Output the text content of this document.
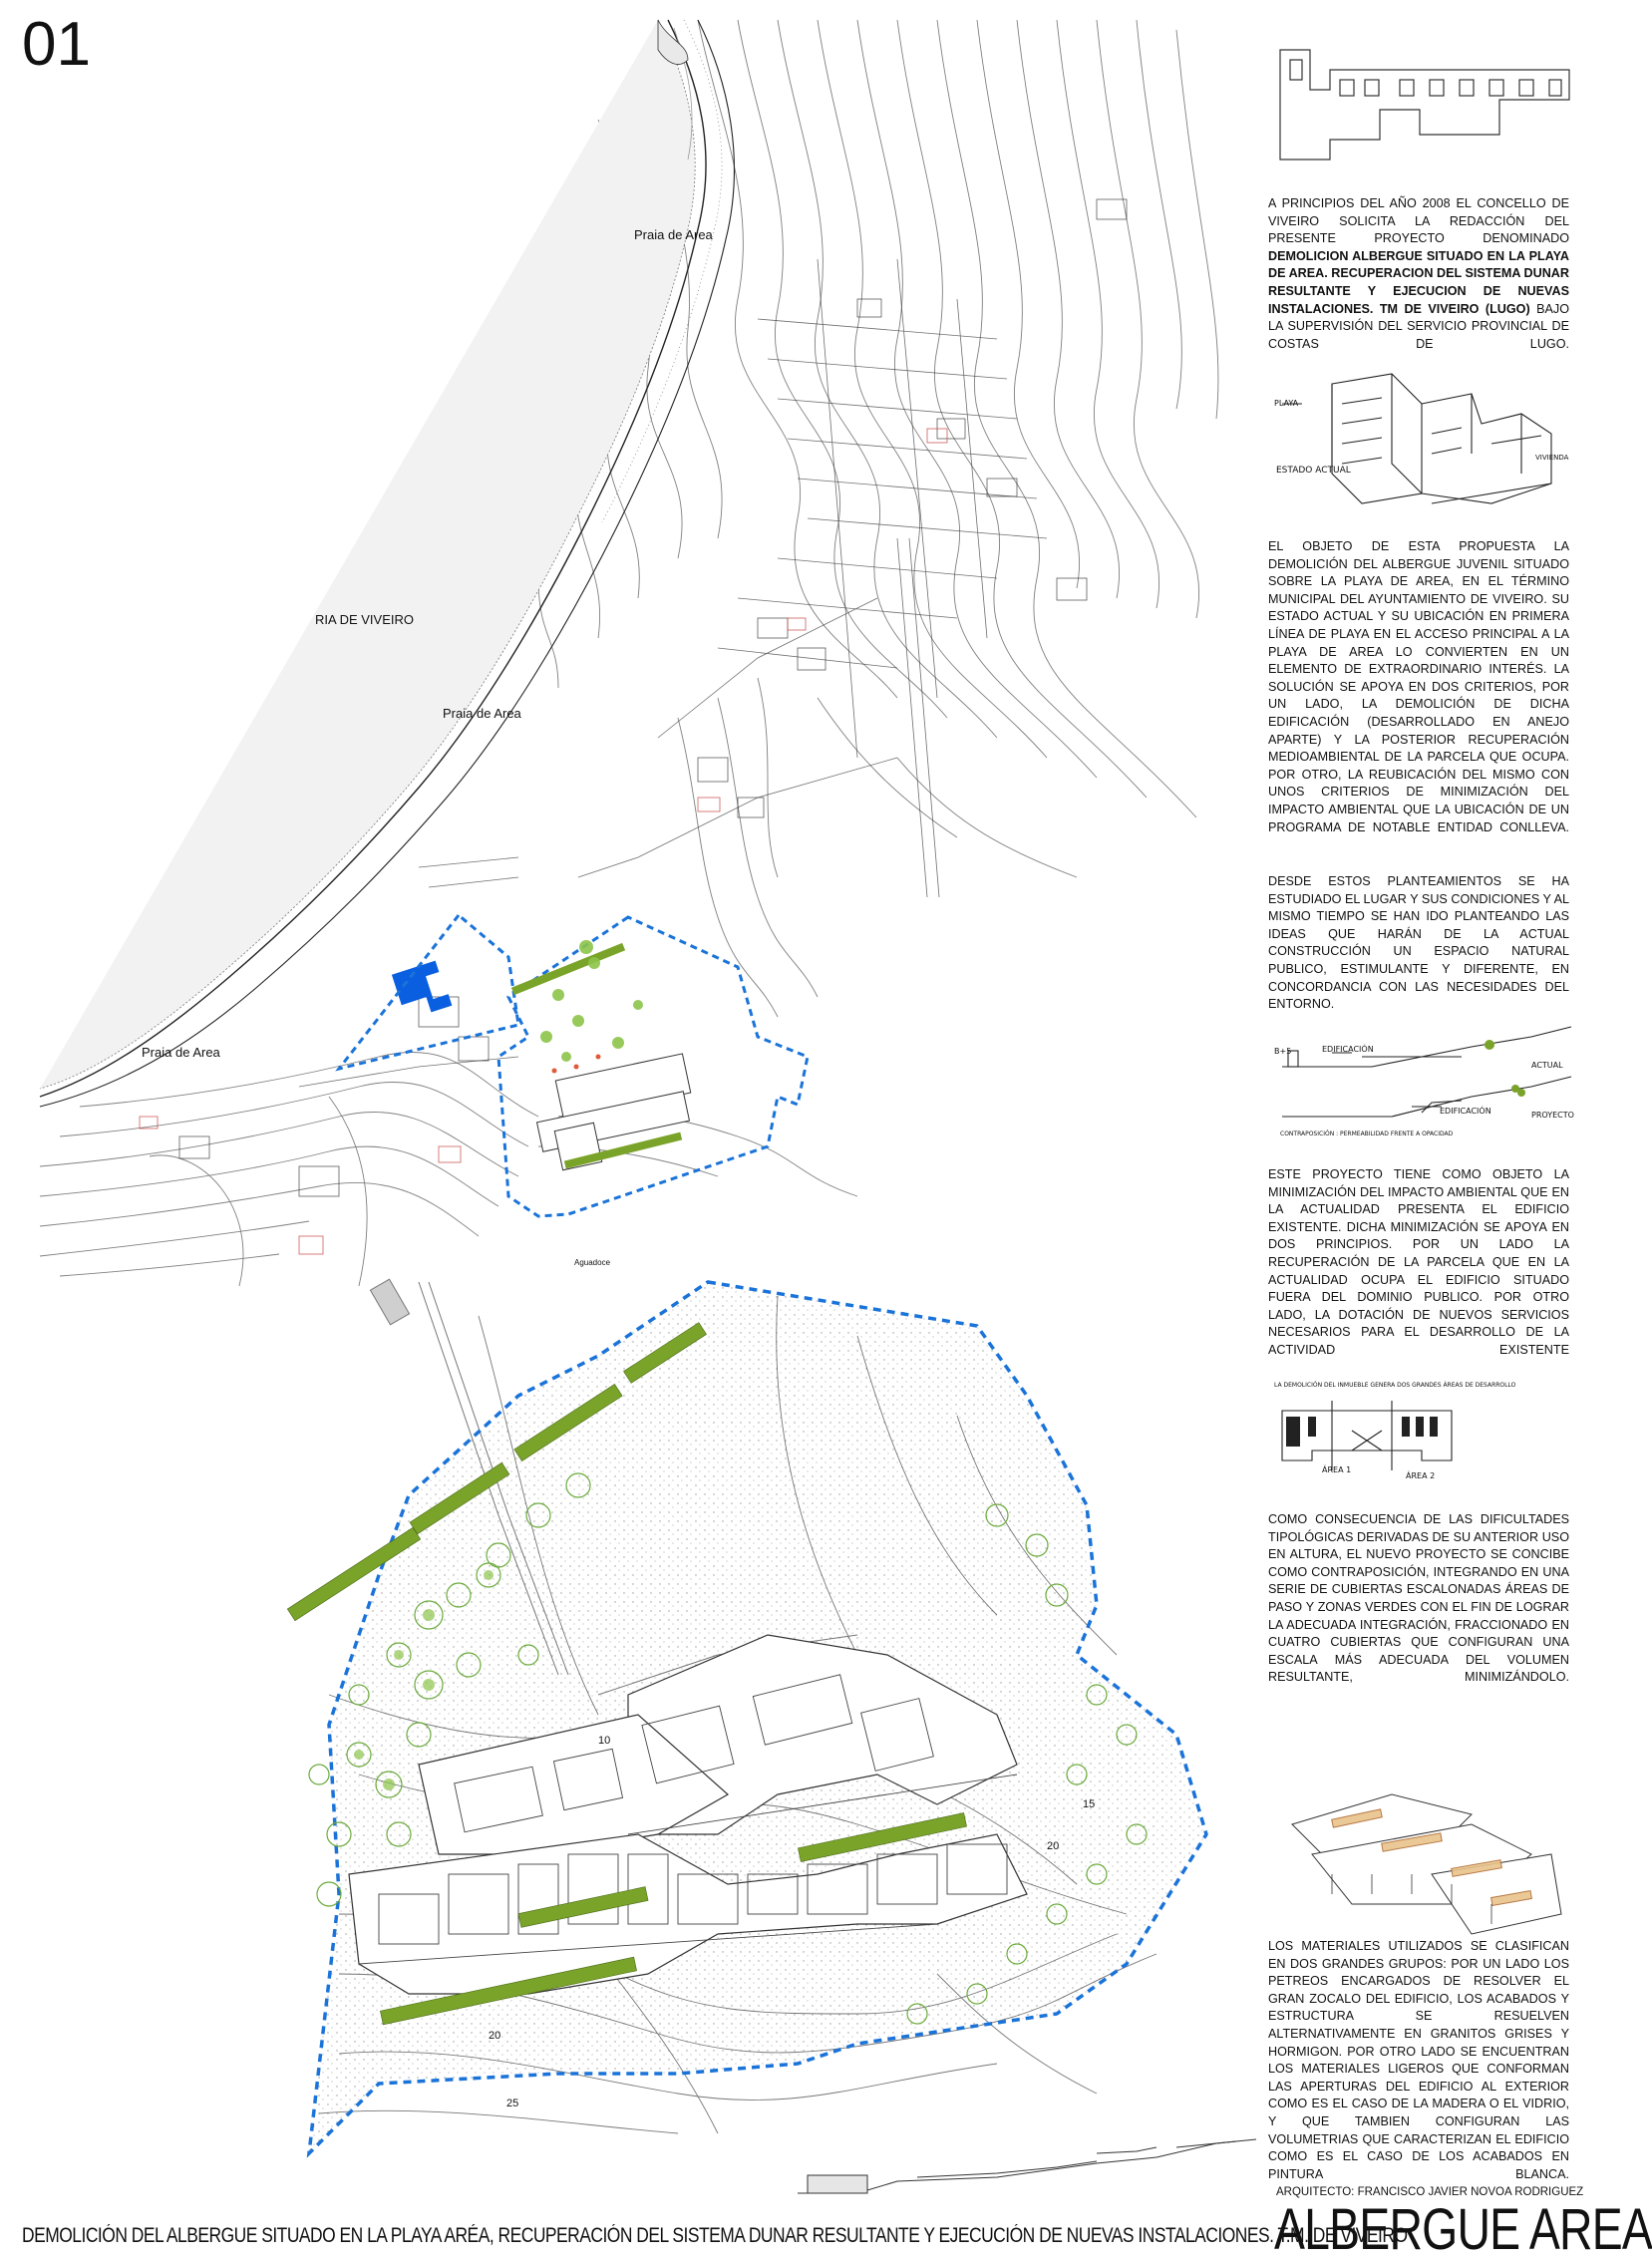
01
Praia de Area
RIA DE VIVEIRO
Praia de Area
Praia de Area
Aguadoce
10
15
20
20
25
ESTADO ACTUAL
PLAYA
VIVIENDA
B+5	EDIFICACIÓN
ACTUAL
EDIFICACIÓN	PROYECTO
CONTRAPOSICIÓN : PERMEABILIDAD FRENTE A OPACIDAD
LA DEMOLICIÓN DEL INMUEBLE GENERA DOS GRANDES ÁREAS DE DESARROLLO
ÁREA 1
ÁREA 2
A PRINCIPIOS DEL AÑO 2008 EL CONCELLO DE VIVEIRO SOLICITA LA REDACCIÓN DEL PRESENTE PROYECTO DENOMINADO DEMOLICION ALBERGUE SITUADO EN LA PLAYA DE AREA. RECUPERACION DEL SISTEMA DUNAR RESULTANTE Y EJECUCION DE NUEVAS INSTALACIONES. TM DE VIVEIRO (LUGO) BAJO LA SUPERVISIÓN DEL SERVICIO PROVINCIAL DE COSTAS DE LUGO.
EL OBJETO DE ESTA PROPUESTA LA DEMOLICIÓN DEL ALBERGUE JUVENIL SITUADO SOBRE LA PLAYA DE AREA, EN EL TÉRMINO MUNICIPAL DEL AYUNTAMIENTO DE VIVEIRO. SU ESTADO ACTUAL Y SU UBICACIÓN EN PRIMERA LÍNEA DE PLAYA EN EL ACCESO PRINCIPAL A LA PLAYA DE AREA LO CONVIERTEN EN UN ELEMENTO DE EXTRAORDINARIO INTERÉS. LA SOLUCIÓN SE APOYA EN DOS CRITERIOS, POR UN LADO, LA DEMOLICIÓN DE DICHA EDIFICACIÓN (DESARROLLADO EN ANEJO APARTE) Y LA POSTERIOR RECUPERACIÓN MEDIOAMBIENTAL DE LA PARCELA QUE OCUPA. POR OTRO, LA REUBICACIÓN DEL MISMO CON UNOS CRITERIOS DE MINIMIZACIÓN DEL IMPACTO AMBIENTAL QUE LA UBICACIÓN DE UN PROGRAMA DE NOTABLE ENTIDAD CONLLEVA.
DESDE ESTOS PLANTEAMIENTOS SE HA ESTUDIADO EL LUGAR Y SUS CONDICIONES Y AL MISMO TIEMPO SE HAN IDO PLANTEANDO LAS IDEAS QUE HARÁN DE LA ACTUAL CONSTRUCCIÓN UN ESPACIO NATURAL PUBLICO, ESTIMULANTE Y DIFERENTE, EN CONCORDANCIA CON LAS NECESIDADES DEL ENTORNO.
ESTE PROYECTO TIENE COMO OBJETO LA MINIMIZACIÓN DEL IMPACTO AMBIENTAL QUE EN LA ACTUALIDAD PRESENTA EL EDIFICIO EXISTENTE. DICHA MINIMIZACIÓN SE APOYA EN DOS PRINCIPIOS. POR UN LADO LA RECUPERACIÓN DE LA PARCELA QUE EN LA ACTUALIDAD OCUPA EL EDIFICIO SITUADO FUERA DEL DOMINIO PUBLICO. POR OTRO LADO, LA DOTACIÓN DE NUEVOS SERVICIOS NECESARIOS PARA EL DESARROLLO DE LA ACTIVIDAD EXISTENTE
COMO CONSECUENCIA DE LAS DIFICULTADES TIPOLÓGICAS DERIVADAS DE SU ANTERIOR USO EN ALTURA, EL NUEVO PROYECTO SE CONCIBE COMO CONTRAPOSICIÓN, INTEGRANDO EN UNA SERIE DE CUBIERTAS ESCALONADAS ÁREAS DE PASO Y ZONAS VERDES CON EL FIN DE LOGRAR LA ADECUADA INTEGRACIÓN, FRACCIONADO EN CUATRO CUBIERTAS QUE CONFIGURAN UNA ESCALA MÁS ADECUADA DEL VOLUMEN RESULTANTE, MINIMIZÁNDOLO.
LOS MATERIALES UTILIZADOS SE CLASIFICAN EN DOS GRANDES GRUPOS: POR UN LADO LOS PETREOS ENCARGADOS DE RESOLVER EL GRAN ZOCALO DEL EDIFICIO, LOS ACABADOS Y ESTRUCTURA SE RESUELVEN ALTERNATIVAMENTE EN GRANITOS GRISES Y HORMIGON. POR OTRO LADO SE ENCUENTRAN LOS MATERIALES LIGEROS QUE CONFORMAN LAS APERTURAS DEL EDIFICIO AL EXTERIOR COMO ES EL CASO DE LA MADERA O EL VIDRIO, Y QUE TAMBIEN CONFIGURAN LAS VOLUMETRIAS QUE CARACTERIZAN EL EDIFICIO COMO ES EL CASO DE LOS ACABADOS EN PINTURA BLANCA.
DEMOLICIÓN DEL ALBERGUE SITUADO EN LA PLAYA ARÉA, RECUPERACIÓN DEL SISTEMA DUNAR RESULTANTE Y EJECUCIÓN DE NUEVAS INSTALACIONES. T.M. DE VIVEIRO
ARQUITECTO: FRANCISCO JAVIER NOVOA RODRIGUEZ
ALBERGUE AREA
